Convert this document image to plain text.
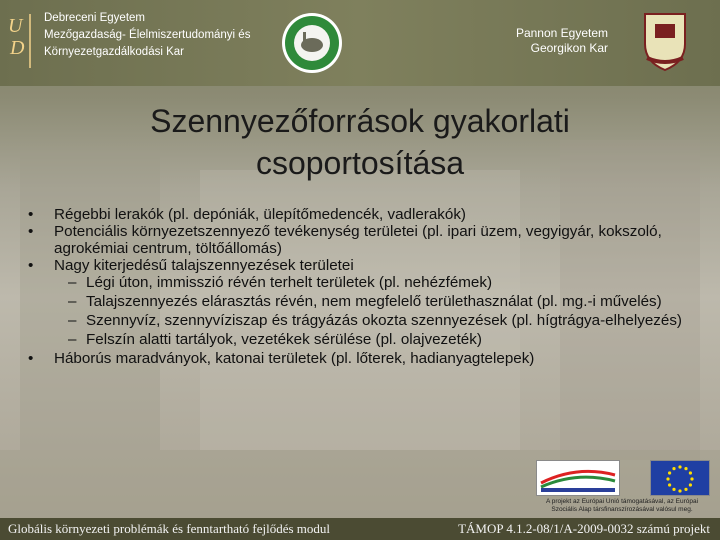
U
D
Debreceni Egyetem
Mezőgazdaság- Élelmiszertudományi és
Környezetgazdálkodási Kar
Pannon Egyetem
Georgikon Kar
Szennyezőforrások gyakorlati
csoportosítása
• Régebbi lerakók (pl. depóniák, ülepítőmedencék, vadlerakók)
• Potenciális környezetszennyező tevékenység területei (pl. ipari üzem, vegyigyár, kokszoló, agrokémiai centrum, töltőállomás)
• Nagy kiterjedésű talajszennyezések területei
– Légi úton, immisszió révén terhelt területek (pl. nehézfémek)
– Talajszennyezés elárasztás révén, nem megfelelő területhasználat (pl. mg.-i művelés)
– Szennyvíz, szennyvíziszap és trágyázás okozta szennyezések (pl. hígtrágya-elhelyezés)
– Felszín alatti tartályok, vezetékek sérülése (pl. olajvezeték)
• Háborús maradványok, katonai területek (pl. lőterek, hadianyagtelepek)
A projekt az Európai Unió támogatásával, az Európai Szociális Alap társfinanszírozásával valósul meg.
Globális környezeti problémák és fenntartható fejlődés modul	TÁMOP 4.1.2-08/1/A-2009-0032 számú projekt
